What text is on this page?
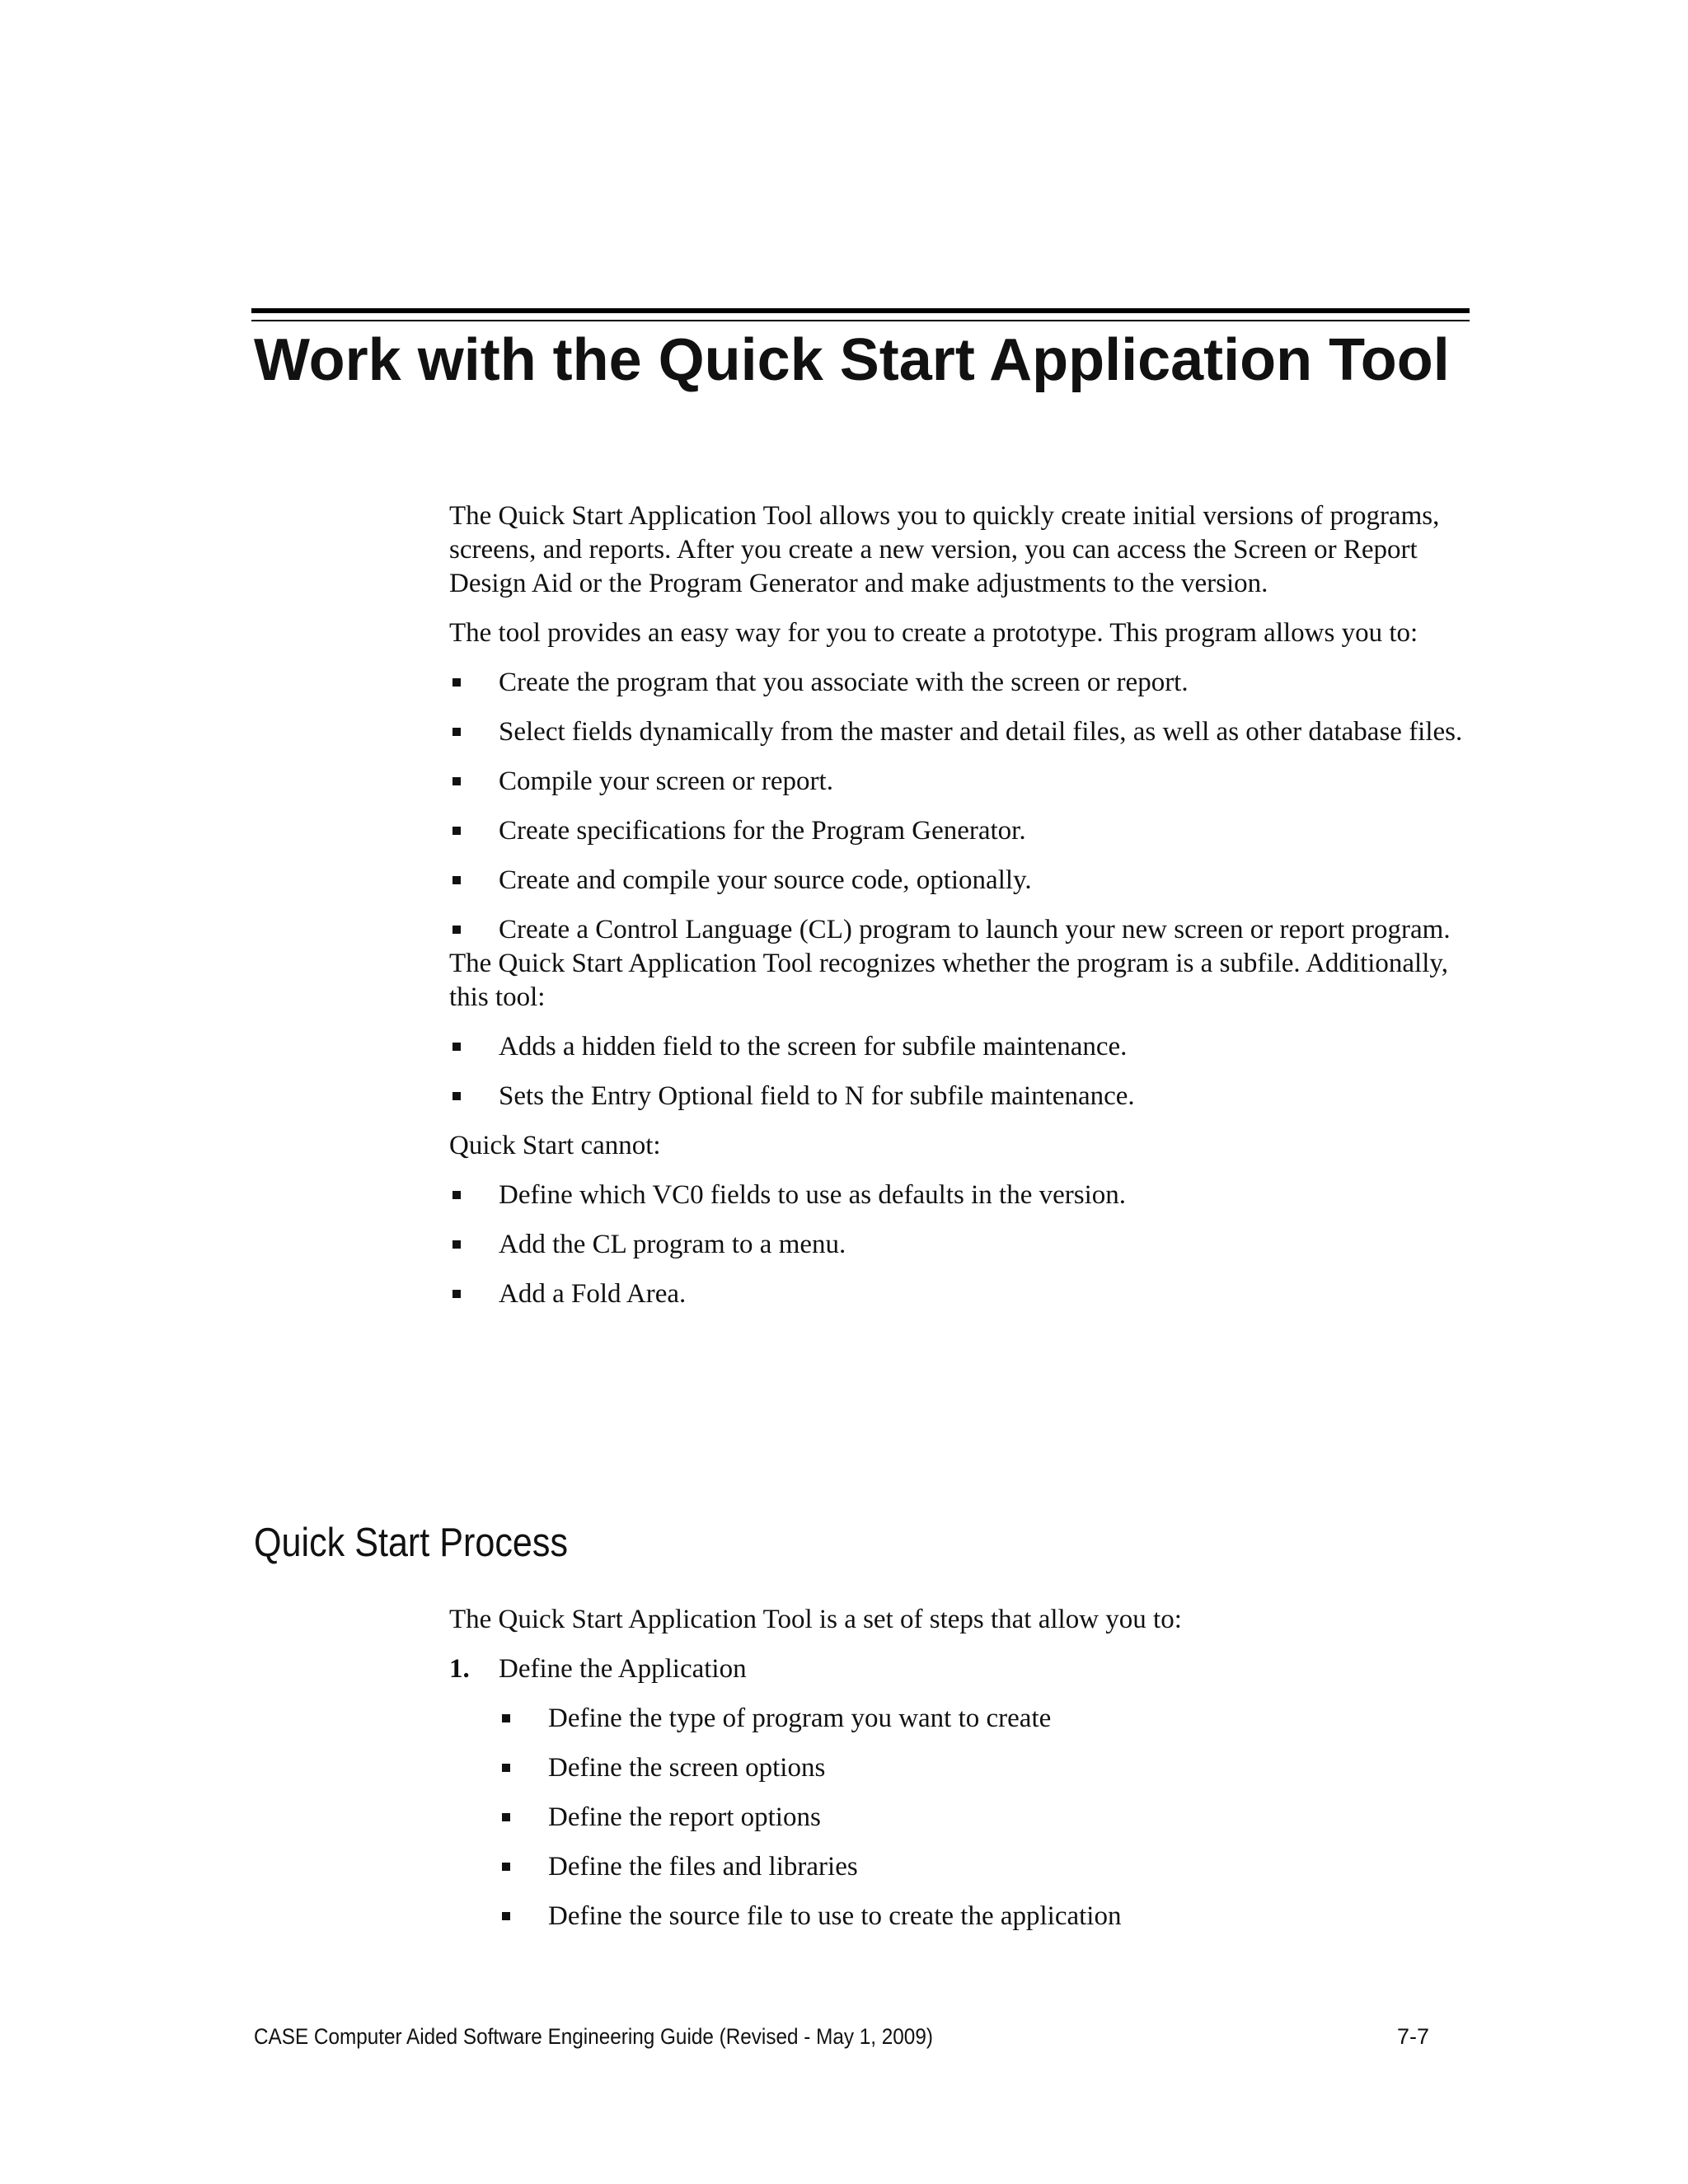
Work with the Quick Start Application Tool

The Quick Start Application Tool allows you to quickly create initial versions of programs, screens, and reports. After you create a new version, you can access the Screen or Report Design Aid or the Program Generator and make adjustments to the version.

The tool provides an easy way for you to create a prototype. This program allows you to:

Create the program that you associate with the screen or report.
Select fields dynamically from the master and detail files, as well as other database files.
Compile your screen or report.
Create specifications for the Program Generator.
Create and compile your source code, optionally.
Create a Control Language (CL) program to launch your new screen or report program.

The Quick Start Application Tool recognizes whether the program is a subfile. Additionally, this tool:

Adds a hidden field to the screen for subfile maintenance.
Sets the Entry Optional field to N for subfile maintenance.

Quick Start cannot:

Define which VC0 fields to use as defaults in the version.
Add the CL program to a menu.
Add a Fold Area.
Quick Start Process

The Quick Start Application Tool is a set of steps that allow you to:

1. Define the Application
Define the type of program you want to create
Define the screen options
Define the report options
Define the files and libraries
Define the source file to use to create the application
CASE Computer Aided Software Engineering Guide (Revised - May 1, 2009)	7-7
